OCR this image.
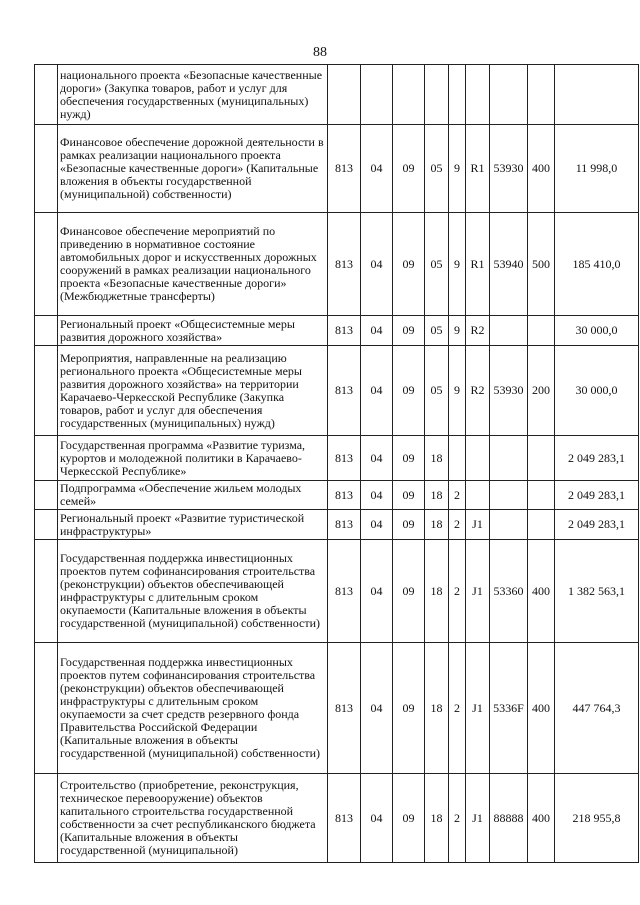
88
	национального проекта «Безопасные качественные дороги» (Закупка товаров, работ и услуг для обеспечения государственных (муниципальных) нужд)									
	Финансовое обеспечение дорожной деятельности в рамках реализации национального проекта «Безопасные качественные дороги» (Капитальные вложения в объекты государственной (муниципальной) собственности)	813	04	09	05	9	R1	53930	400	11 998,0
	Финансовое обеспечение мероприятий по приведению в нормативное состояние автомобильных дорог и искусственных дорожных сооружений в рамках реализации национального проекта «Безопасные качественные дороги» (Межбюджетные трансферты)	813	04	09	05	9	R1	53940	500	185 410,0
	Региональный проект «Общесистемные меры развития дорожного хозяйства»	813	04	09	05	9	R2			30 000,0
	Мероприятия, направленные на реализацию регионального проекта «Общесистемные меры развития дорожного хозяйства» на территории Карачаево-Черкесской Республике (Закупка товаров, работ и услуг для обеспечения государственных (муниципальных) нужд)	813	04	09	05	9	R2	53930	200	30 000,0
	Государственная программа «Развитие туризма, курортов и молодежной политики в Карачаево-Черкесской Республике»	813	04	09	18					2 049 283,1
	Подпрограмма «Обеспечение жильем молодых семей»	813	04	09	18	2				2 049 283,1
	Региональный проект «Развитие туристической инфраструктуры»	813	04	09	18	2	J1			2 049 283,1
	Государственная поддержка инвестиционных проектов путем софинансирования строительства (реконструкции) объектов обеспечивающей инфраструктуры с длительным сроком окупаемости (Капитальные вложения в объекты государственной (муниципальной) собственности)	813	04	09	18	2	J1	53360	400	1 382 563,1
	Государственная поддержка инвестиционных проектов путем софинансирования строительства (реконструкции) объектов обеспечивающей инфраструктуры с длительным сроком окупаемости за счет средств резервного фонда Правительства Российской Федерации (Капитальные вложения в объекты государственной (муниципальной) собственности)	813	04	09	18	2	J1	5336F	400	447 764,3
	Строительство (приобретение, реконструкция, техническое перевооружение) объектов капитального строительства государственной собственности за счет республиканского бюджета (Капитальные вложения в объекты государственной (муниципальной)	813	04	09	18	2	J1	88888	400	218 955,8
